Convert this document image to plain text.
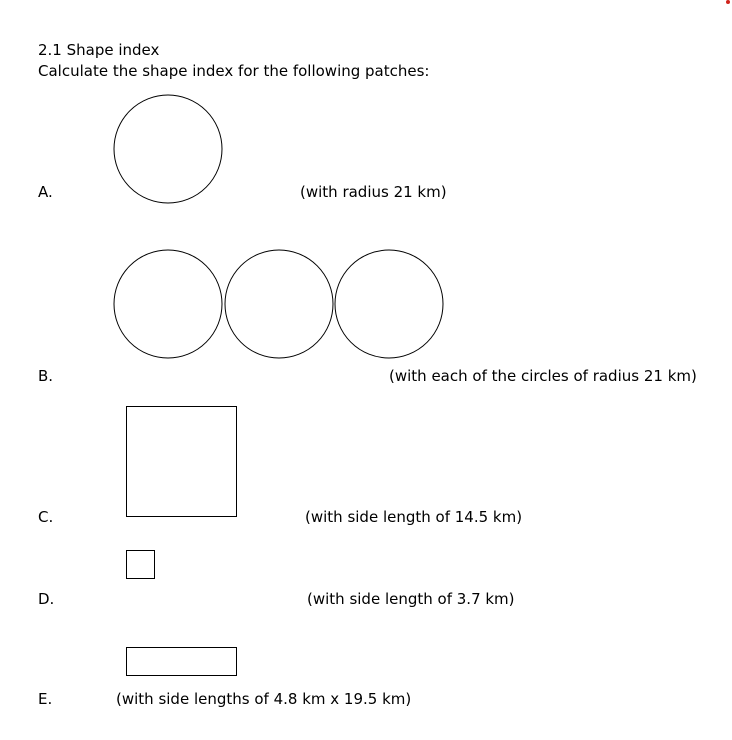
2.1 Shape index
Calculate the shape index for the following patches:
A.	(with radius 21 km)
B.	(with each of the circles of radius 21 km)
C.	(with side length of 14.5 km)
D.	(with side length of 3.7 km)
E.	(with side lengths of 4.8 km x 19.5 km)
